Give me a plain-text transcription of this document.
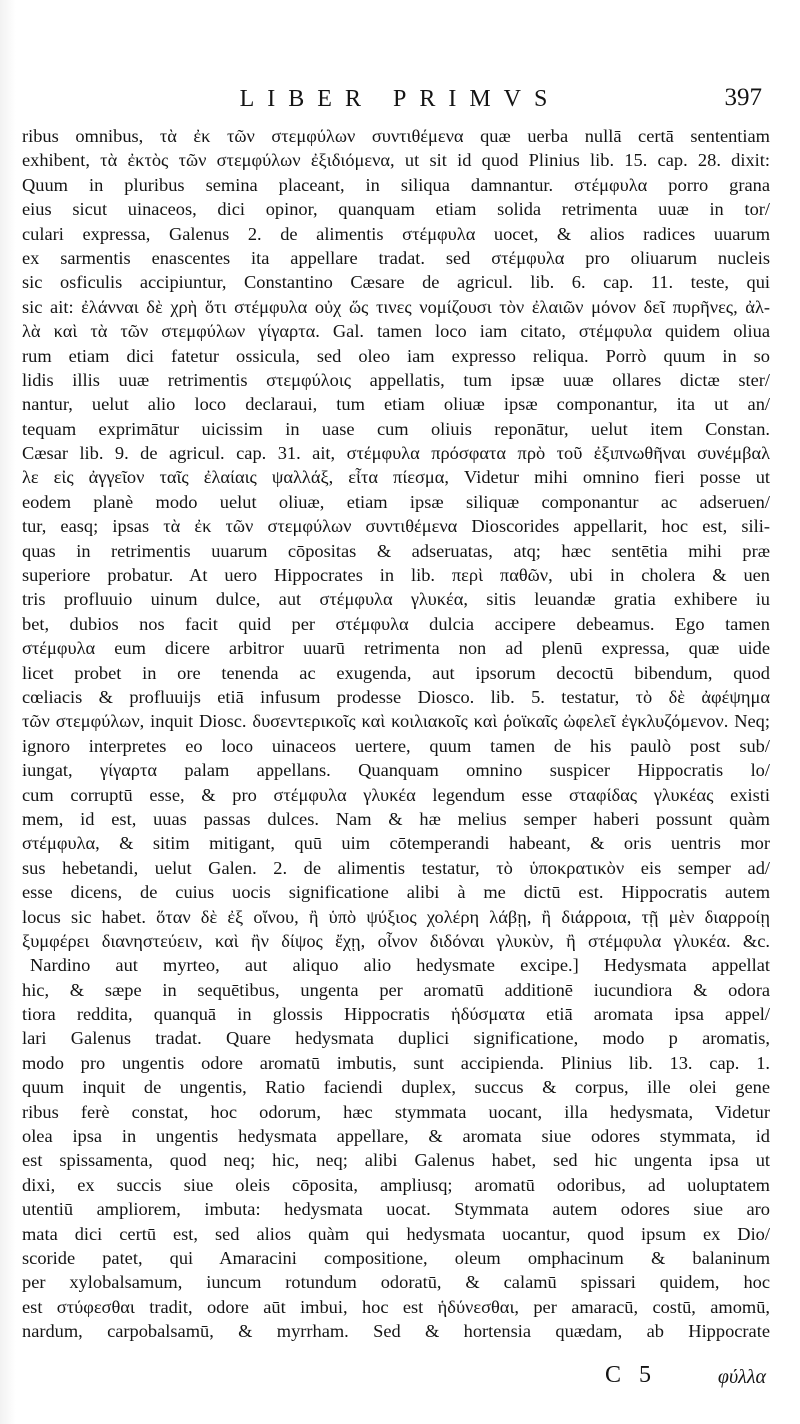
LIBER PRIMVS	397
ribus omnibus, τὰ ἐκ τῶν στεμφύλων συντιθέμενα quæ uerba nullā certā sententiam
exhibent, τὰ ἐκτὸς τῶν στεμφύλων ἐξιδιόμενα, ut sit id quod Plinius lib. 15. cap. 28. dixit:
Quum in pluribus semina placeant, in siliqua damnantur. στέμφυλα porro grana
eius sicut uinaceos, dici opinor, quanquam etiam solida retrimenta uuæ in tor/
culari expressa, Galenus 2. de alimentis στέμφυλα uocet, & alios radices uuarum
ex sarmentis enascentes ita appellare tradat. sed στέμφυλα pro oliuarum nucleis
sic osficulis accipiuntur, Constantino Cæsare de agricul. lib. 6. cap. 11. teste, qui
sic ait: ἐλάνναι δὲ χρὴ ὅτι στέμφυλα οὐχ ὥς τινες νομίζουσι τὸν ἐλαιῶν μόνον δεῖ πυρῆνες, ἀλ-
λὰ καὶ τὰ τῶν στεμφύλων γίγαρτα. Gal. tamen loco iam citato, στέμφυλα quidem oliua
rum etiam dici fatetur ossicula, sed oleo iam expresso reliqua. Porrò quum in so
lidis illis uuæ retrimentis στεμφύλοις appellatis, tum ipsæ uuæ ollares dictæ ster/
nantur, uelut alio loco declaraui, tum etiam oliuæ ipsæ componantur, ita ut an/
tequam exprimātur uicissim in uase cum oliuis reponātur, uelut item Constan.
Cæsar lib. 9. de agricul. cap. 31. ait, στέμφυλα πρόσφατα πρὸ τοῦ ἐξιπνωθῆναι συνέμβαλ
λε εἰς ἀγγεῖον ταῖς ἐλαίαις ψαλλάξ, εἶτα πίεσμα, Videtur mihi omnino fieri posse ut
eodem planè modo uelut oliuæ, etiam ipsæ siliquæ componantur ac adseruen/
tur, easq; ipsas τὰ ἐκ τῶν στεμφύλων συντιθέμενα Dioscorides appellarit, hoc est, sili-
quas in retrimentis uuarum cōpositas & adseruatas, atq; hæc sentētia mihi præ
superiore probatur. At uero Hippocrates in lib. περὶ παθῶν, ubi in cholera & uen
tris profluuio uinum dulce, aut στέμφυλα γλυκέα, sitis leuandæ gratia exhibere iu
bet, dubios nos facit quid per στέμφυλα dulcia accipere debeamus. Ego tamen
στέμφυλα eum dicere arbitror uuarū retrimenta non ad plenū expressa, quæ uide
licet probet in ore tenenda ac exugenda, aut ipsorum decoctū bibendum, quod
cœliacis & profluuijs etiā infusum prodesse Diosco. lib. 5. testatur, τὸ δὲ ἀφέψημα
τῶν στεμφύλων, inquit Diosc. δυσεντερικοῖς καὶ κοιλιακοῖς καὶ ῥοϊκαῖς ὠφελεῖ ἐγκλυζόμενον. Neq;
ignoro interpretes eo loco uinaceos uertere, quum tamen de his paulò post sub/
iungat, γίγαρτα palam appellans. Quanquam omnino suspicer Hippocratis lo/
cum corruptū esse, & pro στέμφυλα γλυκέα legendum esse σταφίδας γλυκέας existi
mem, id est, uuas passas dulces. Nam & hæ melius semper haberi possunt quàm
στέμφυλα, & sitim mitigant, quū uim cōtemperandi habeant, & oris uentris mor
sus hebetandi, uelut Galen. 2. de alimentis testatur, τὸ ὑποκρατικὸν eis semper ad/
esse dicens, de cuius uocis significatione alibi à me dictū est. Hippocratis autem
locus sic habet. ὅταν δὲ ἐξ οἴνου, ἢ ὑπὸ ψύξιος χολέρη λάβῃ, ἢ διάρροια, τῇ μὲν διαρροίῃ
ξυμφέρει διανηστεύειν, καὶ ἢν δίψος ἔχῃ, οἶνον διδόναι γλυκὺν, ἢ στέμφυλα γλυκέα. &c.
Nardino aut myrteo, aut aliquo alio hedysmate excipe.] Hedysmata appellat
hic, & sæpe in sequētibus, ungenta per aromatū additionē iucundiora & odora
tiora reddita, quanquā in glossis Hippocratis ἡδύσματα etiā aromata ipsa appel/
lari Galenus tradat. Quare hedysmata duplici significatione, modo p aromatis,
modo pro ungentis odore aromatū imbutis, sunt accipienda. Plinius lib. 13. cap. 1.
quum inquit de ungentis, Ratio faciendi duplex, succus & corpus, ille olei gene
ribus ferè constat, hoc odorum, hæc stymmata uocant, illa hedysmata, Videtur
olea ipsa in ungentis hedysmata appellare, & aromata siue odores stymmata, id
est spissamenta, quod neq; hic, neq; alibi Galenus habet, sed hic ungenta ipsa ut
dixi, ex succis siue oleis cōposita, ampliusq; aromatū odoribus, ad uoluptatem
utentiū ampliorem, imbuta: hedysmata uocat. Stymmata autem odores siue aro
mata dici certū est, sed alios quàm qui hedysmata uocantur, quod ipsum ex Dio/
scoride patet, qui Amaracini compositione, oleum omphacinum & balaninum
per xylobalsamum, iuncum rotundum odoratū, & calamū spissari quidem, hoc
est στύφεσθαι tradit, odore aūt imbui, hoc est ἡδύνεσθαι, per amaracū, costū, amomū,
nardum, carpobalsamū, & myrrham. Sed & hortensia quædam, ab Hippocrate
C 5	φύλλα
